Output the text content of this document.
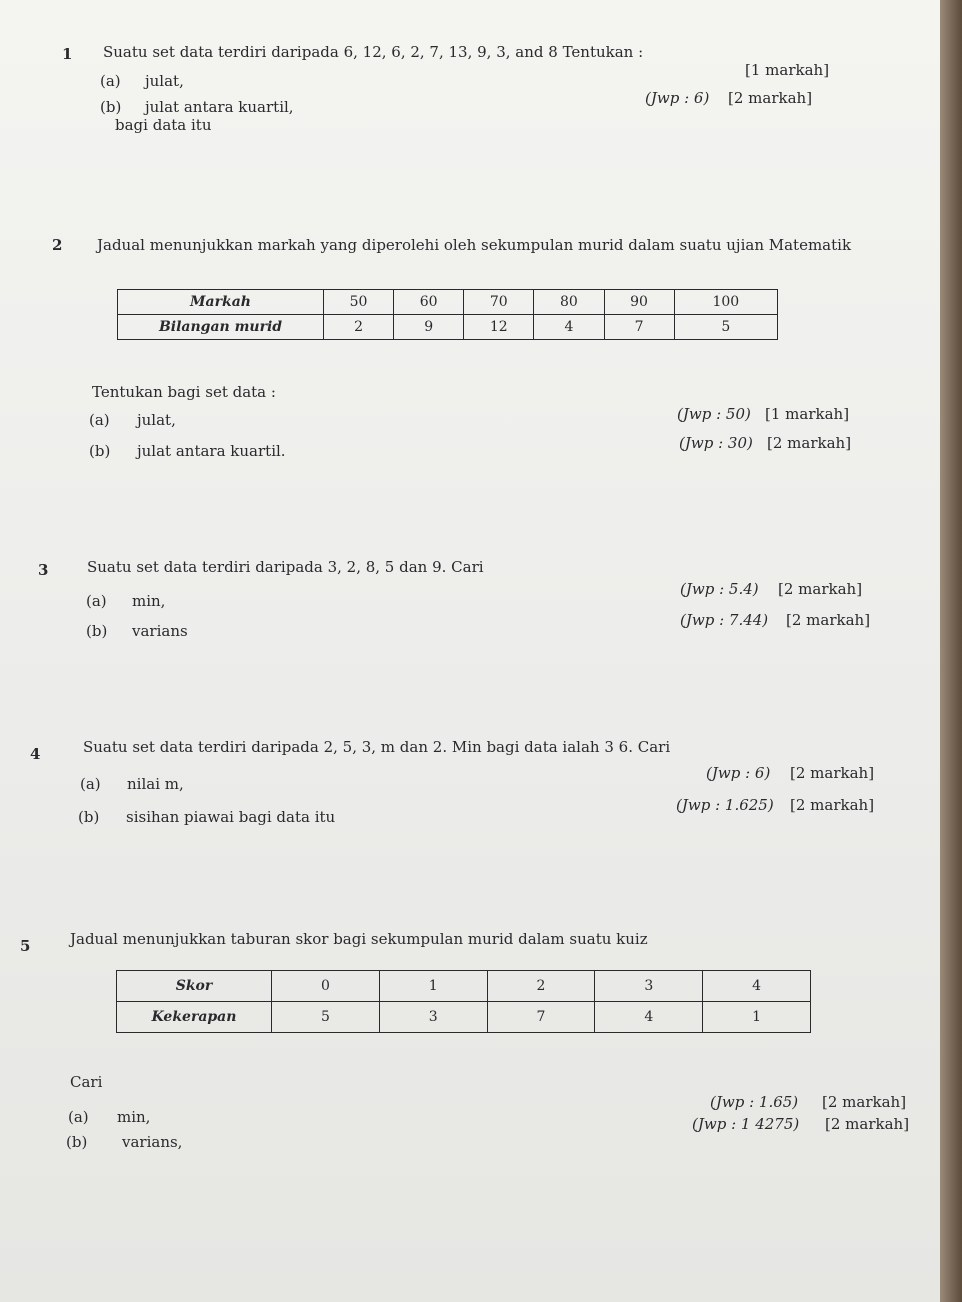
1 Suatu set data terdiri daripada 6, 12, 6, 2, 7, 13, 9, 3, and 8 Tentukan :
(a) julat,
[1 markah]
(b) julat antara kuartil,	(Jwp : 6) [2 markah]
bagi data itu
2 Jadual menunjukkan markah yang diperolehi oleh sekumpulan murid dalam suatu ujian Matematik
Markah	50	60	70	80	90	100
Bilangan murid	2	9	12	4	7	5
Tentukan bagi set data :
(a) julat,	(Jwp : 50) [1 markah]
(b) julat antara kuartil.	(Jwp : 30) [2 markah]
3	Suatu set data terdiri daripada 3, 2, 8, 5 dan 9. Cari
(a) min,
(Jwp : 5.4) [2 markah]
(b) varians
(Jwp : 7.44) [2 markah]
4	Suatu set data terdiri daripada 2, 5, 3, m dan 2. Min bagi data ialah 3 6. Cari
(a) nilai m,
(Jwp : 6) [2 markah]
(b) sisihan piawai bagi data itu
(Jwp : 1.625) [2 markah]
5	Jadual menunjukkan taburan skor bagi sekumpulan murid dalam suatu kuiz
Skor	0	1	2	3	4
Kekerapan	5	3	7	4	1
Cari
(a) min,
(Jwp : 1.65) [2 markah]
(b) varians,
(Jwp : 1 4275) [2 markah]
